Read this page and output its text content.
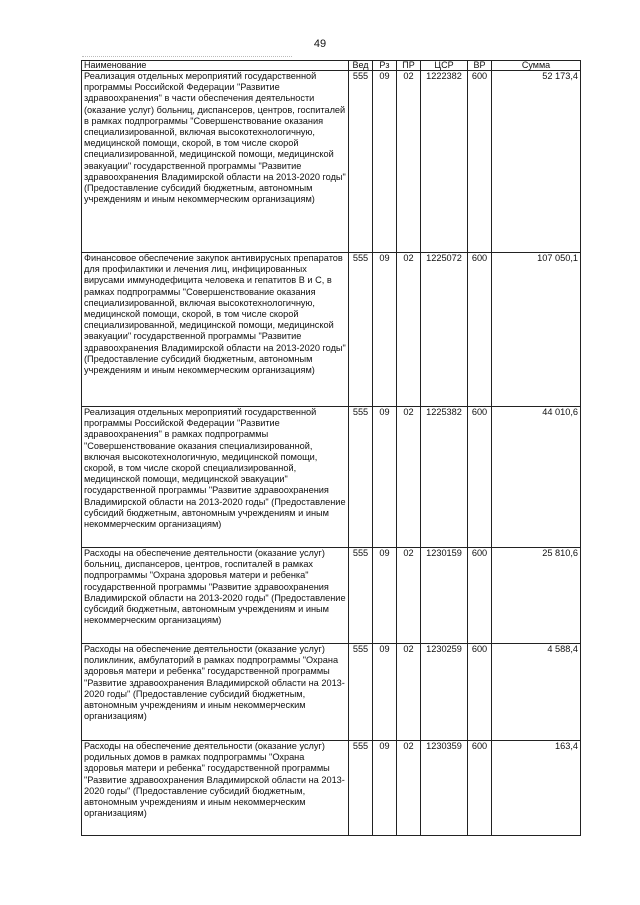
49
Наименование	Вед	Рз	ПР	ЦСР	ВР	Сумма
Реализация отдельных мероприятий государственной программы Российской Федерации "Развитие здравоохранения" в части обеспечения деятельности (оказание услуг) больниц, диспансеров, центров, госпиталей в рамках подпрограммы "Совершенствование оказания специализированной, включая высокотехнологичную, медицинской помощи, скорой, в том числе скорой специализированной, медицинской помощи, медицинской эвакуации" государственной программы "Развитие здравоохранения Владимирской области на 2013-2020 годы" (Предоставление субсидий бюджетным, автономным учреждениям и иным некоммерческим организациям)	555	09	02	1222382	600	52 173,4
Финансовое обеспечение закупок антивирусных препаратов для профилактики и лечения лиц, инфицированных вирусами иммунодефицита человека и гепатитов В и С, в рамках подпрограммы "Совершенствование оказания специализированной, включая высокотехнологичную, медицинской помощи, скорой, в том числе скорой специализированной, медицинской помощи, медицинской эвакуации" государственной программы "Развитие здравоохранения Владимирской области на 2013-2020 годы" (Предоставление субсидий бюджетным, автономным учреждениям и иным некоммерческим организациям)	555	09	02	1225072	600	107 050,1
Реализация отдельных мероприятий государственной программы Российской Федерации "Развитие здравоохранения" в рамках подпрограммы "Совершенствование оказания специализированной, включая высокотехнологичную, медицинской помощи, скорой, в том числе скорой специализированной, медицинской помощи, медицинской эвакуации" государственной программы "Развитие здравоохранения Владимирской области на 2013-2020 годы" (Предоставление субсидий бюджетным, автономным учреждениям и иным некоммерческим организациям)	555	09	02	1225382	600	44 010,6
Расходы на обеспечение деятельности (оказание услуг) больниц, диспансеров, центров, госпиталей в рамках подпрограммы "Охрана здоровья матери и ребенка" государственной программы "Развитие здравоохранения Владимирской области на 2013-2020 годы" (Предоставление субсидий бюджетным, автономным учреждениям и иным некоммерческим организациям)	555	09	02	1230159	600	25 810,6
Расходы на обеспечение деятельности (оказание услуг) поликлиник, амбулаторий в рамках подпрограммы "Охрана здоровья матери и ребенка" государственной программы "Развитие здравоохранения Владимирской области на 2013-2020 годы" (Предоставление субсидий бюджетным, автономным учреждениям и иным некоммерческим организациям)	555	09	02	1230259	600	4 588,4
Расходы на обеспечение деятельности (оказание услуг) родильных домов в рамках подпрограммы "Охрана здоровья матери и ребенка" государственной программы "Развитие здравоохранения Владимирской области на 2013-2020 годы" (Предоставление субсидий бюджетным, автономным учреждениям и иным некоммерческим организациям)	555	09	02	1230359	600	163,4
